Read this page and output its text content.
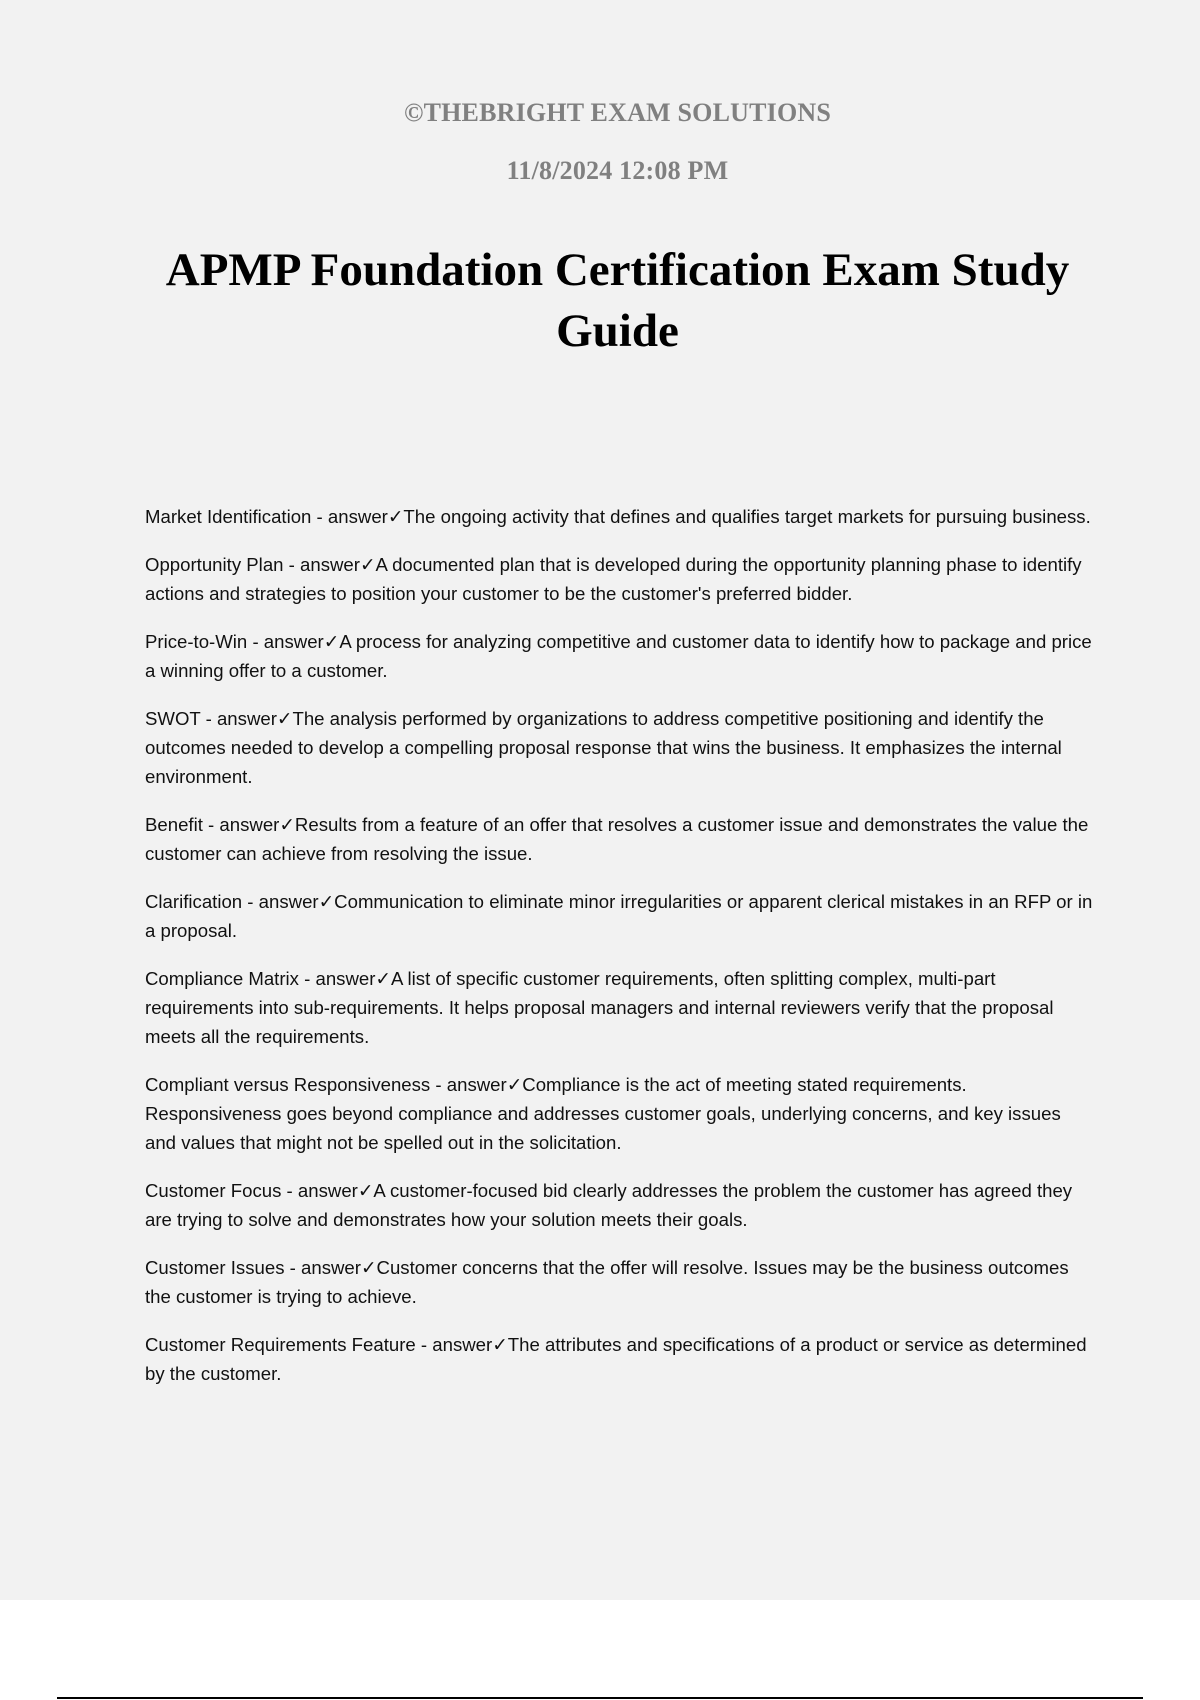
©THEBRIGHT EXAM SOLUTIONS
11/8/2024 12:08 PM
APMP Foundation Certification Exam Study Guide

Market Identification - answer✓The ongoing activity that defines and qualifies target markets for pursuing business.

Opportunity Plan - answer✓A documented plan that is developed during the opportunity planning phase to identify actions and strategies to position your customer to be the customer's preferred bidder.

Price-to-Win - answer✓A process for analyzing competitive and customer data to identify how to package and price a winning offer to a customer.

SWOT - answer✓The analysis performed by organizations to address competitive positioning and identify the outcomes needed to develop a compelling proposal response that wins the business. It emphasizes the internal environment.

Benefit - answer✓Results from a feature of an offer that resolves a customer issue and demonstrates the value the customer can achieve from resolving the issue.

Clarification - answer✓Communication to eliminate minor irregularities or apparent clerical mistakes in an RFP or in a proposal.

Compliance Matrix - answer✓A list of specific customer requirements, often splitting complex, multi-part requirements into sub-requirements. It helps proposal managers and internal reviewers verify that the proposal meets all the requirements.

Compliant versus Responsiveness - answer✓Compliance is the act of meeting stated requirements. Responsiveness goes beyond compliance and addresses customer goals, underlying concerns, and key issues and values that might not be spelled out in the solicitation.

Customer Focus - answer✓A customer-focused bid clearly addresses the problem the customer has agreed they are trying to solve and demonstrates how your solution meets their goals.

Customer Issues - answer✓Customer concerns that the offer will resolve. Issues may be the business outcomes the customer is trying to achieve.

Customer Requirements Feature - answer✓The attributes and specifications of a product or service as determined by the customer.
